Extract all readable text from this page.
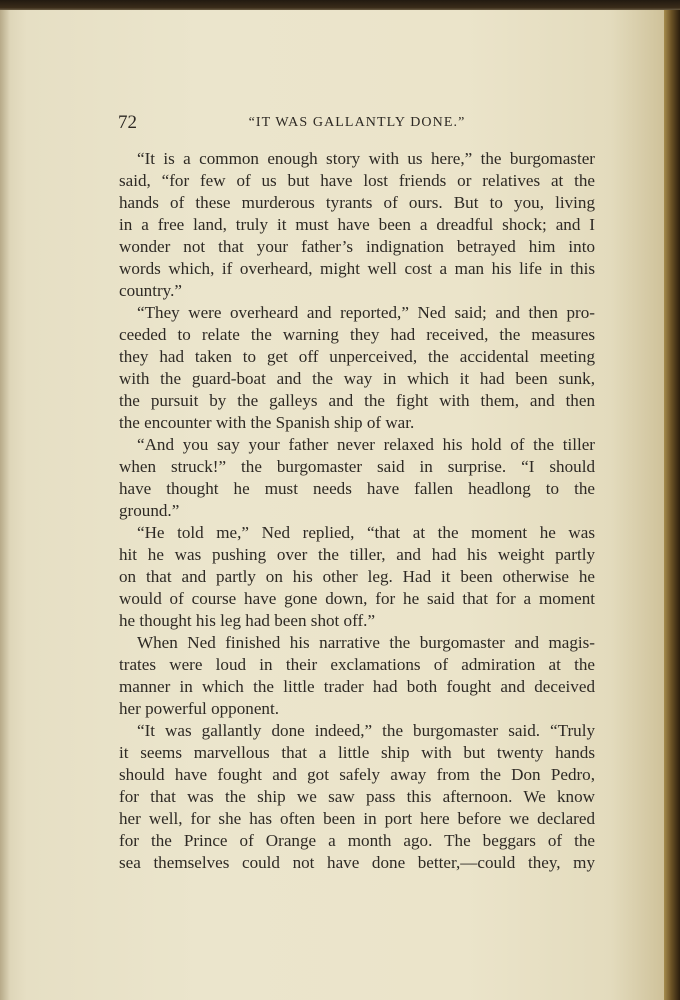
72	“IT WAS GALLANTLY DONE.”
“It is a common enough story with us here,” the burgomaster
said, “for few of us but have lost friends or relatives at the
hands of these murderous tyrants of ours. But to you, living
in a free land, truly it must have been a dreadful shock; and I
wonder not that your father’s indignation betrayed him into
words which, if overheard, might well cost a man his life in this
country.”
“They were overheard and reported,” Ned said; and then pro-
ceeded to relate the warning they had received, the measures
they had taken to get off unperceived, the accidental meeting
with the guard-boat and the way in which it had been sunk,
the pursuit by the galleys and the fight with them, and then
the encounter with the Spanish ship of war.
“And you say your father never relaxed his hold of the tiller
when struck!” the burgomaster said in surprise. “I should
have thought he must needs have fallen headlong to the
ground.”
“He told me,” Ned replied, “that at the moment he was
hit he was pushing over the tiller, and had his weight partly
on that and partly on his other leg. Had it been otherwise he
would of course have gone down, for he said that for a moment
he thought his leg had been shot off.”
When Ned finished his narrative the burgomaster and magis-
trates were loud in their exclamations of admiration at the
manner in which the little trader had both fought and deceived
her powerful opponent.
“It was gallantly done indeed,” the burgomaster said. “Truly
it seems marvellous that a little ship with but twenty hands
should have fought and got safely away from the Don Pedro,
for that was the ship we saw pass this afternoon. We know
her well, for she has often been in port here before we declared
for the Prince of Orange a month ago. The beggars of the
sea themselves could not have done better,—could they, my
